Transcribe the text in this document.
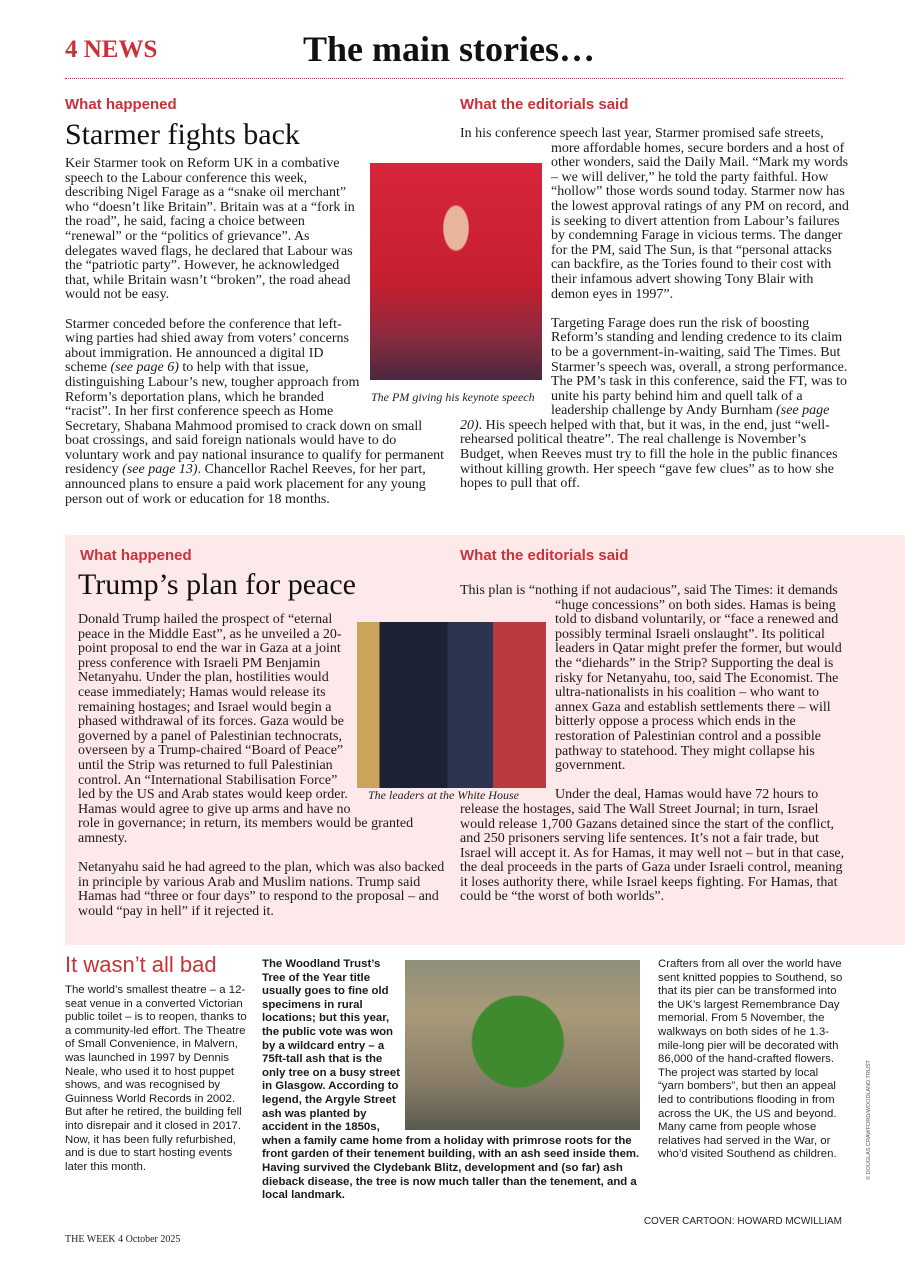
4 NEWS	The main stories…
What happened
Starmer fights back

Keir Starmer took on Reform UK in a combative speech to the Labour conference this week, describing Nigel Farage as a “snake oil merchant” who “doesn’t like Britain”. Britain was at a “fork in the road”, he said, facing a choice between “renewal” or the “politics of grievance”. As delegates waved flags, he declared that Labour was the “patriotic party”. However, he acknowledged that, while Britain wasn’t “broken”, the road ahead would not be easy.

Starmer conceded before the conference that left-wing parties had shied away from voters’ concerns about immigration. He announced a digital ID scheme (see page 6) to help with that issue, distinguishing Labour’s new, tougher approach from Reform’s deportation plans, which he branded “racist”. In her first conference speech as Home Secretary, Shabana Mahmood promised to crack down on small boat crossings, and said foreign nationals would have to do voluntary work and pay national insurance to qualify for permanent residency (see page 13). Chancellor Rachel Reeves, for her part, announced plans to ensure a paid work placement for any young person out of work or education for 18 months.

The PM giving his keynote speech
What the editorials said

In his conference speech last year, Starmer promised safe streets, more affordable homes, secure borders and a host of other wonders, said the Daily Mail. “Mark my words – we will deliver,” he told the party faithful. How “hollow” those words sound today. Starmer now has the lowest approval ratings of any PM on record, and is seeking to divert attention from Labour’s failures by condemning Farage in vicious terms. The danger for the PM, said The Sun, is that “personal attacks can backfire, as the Tories found to their cost with their infamous advert showing Tony Blair with demon eyes in 1997”.

Targeting Farage does run the risk of boosting Reform’s standing and lending credence to its claim to be a government-in-waiting, said The Times. But Starmer’s speech was, overall, a strong performance. The PM’s task in this conference, said the FT, was to unite his party behind him and quell talk of a leadership challenge by Andy Burnham (see page 20). His speech helped with that, but it was, in the end, just “well-rehearsed political theatre”. The real challenge is November’s Budget, when Reeves must try to fill the hole in the public finances without killing growth. Her speech “gave few clues” as to how she hopes to pull that off.

What happened
Trump’s plan for peace

Donald Trump hailed the prospect of “eternal peace in the Middle East”, as he unveiled a 20-point proposal to end the war in Gaza at a joint press conference with Israeli PM Benjamin Netanyahu. Under the plan, hostilities would cease immediately; Hamas would release its remaining hostages; and Israel would begin a phased withdrawal of its forces. Gaza would be governed by a panel of Palestinian technocrats, overseen by a Trump-chaired “Board of Peace” until the Strip was returned to full Palestinian control. An “International Stabilisation Force” led by the US and Arab states would keep order. Hamas would agree to give up arms and have no role in governance; in return, its members would be granted amnesty.

Netanyahu said he had agreed to the plan, which was also backed in principle by various Arab and Muslim nations. Trump said Hamas had “three or four days” to respond to the proposal – and would “pay in hell” if it rejected it.

The leaders at the White House
What the editorials said

This plan is “nothing if not audacious”, said The Times: it demands “huge concessions” on both sides. Hamas is being told to disband voluntarily, or “face a renewed and possibly terminal Israeli onslaught”. Its political leaders in Qatar might prefer the former, but would the “diehards” in the Strip? Supporting the deal is risky for Netanyahu, too, said The Economist. The ultra-nationalists in his coalition – who want to annex Gaza and establish settlements there – will bitterly oppose a process which ends in the restoration of Palestinian control and a possible pathway to statehood. They might collapse his government.

Under the deal, Hamas would have 72 hours to release the hostages, said The Wall Street Journal; in turn, Israel would release 1,700 Gazans detained since the start of the conflict, and 250 prisoners serving life sentences. It’s not a fair trade, but Israel will accept it. As for Hamas, it may well not – but in that case, the deal proceeds in the parts of Gaza under Israeli control, meaning it loses authority there, while Israel keeps fighting. For Hamas, that could be “the worst of both worlds”.

It wasn’t all bad
The world’s smallest theatre – a 12-seat venue in a converted Victorian public toilet – is to reopen, thanks to a community-led effort. The Theatre of Small Convenience, in Malvern, was launched in 1997 by Dennis Neale, who used it to host puppet shows, and was recognised by Guinness World Records in 2002. But after he retired, the building fell into disrepair and it closed in 2017. Now, it has been fully refurbished, and is due to start hosting events later this month.
The Woodland Trust’s Tree of the Year title usually goes to fine old specimens in rural locations; but this year, the public vote was won by a wildcard entry – a 75ft-tall ash that is the only tree on a busy street in Glasgow. According to legend, the Argyle Street ash was planted by accident in the 1850s, when a family came home from a holiday with primrose roots for the front garden of their tenement building, with an ash seed inside them. Having survived the Clydebank Blitz, development and (so far) ash dieback disease, the tree is now much taller than the tenement, and a local landmark.
Crafters from all over the world have sent knitted poppies to Southend, so that its pier can be transformed into the UK’s largest Remembrance Day memorial. From 5 November, the walkways on both sides of he 1.3-mile-long pier will be decorated with 86,000 of the hand-crafted flowers. The project was started by local “yarn bombers”, but then an appeal led to contributions flooding in from across the UK, the US and beyond. Many came from people whose relatives had served in the War, or who’d visited Southend as children.	© DOUGLAS CRAWFORD/WOODLAND TRUST
COVER CARTOON: HOWARD MCWILLIAM
THE WEEK 4 October 2025
